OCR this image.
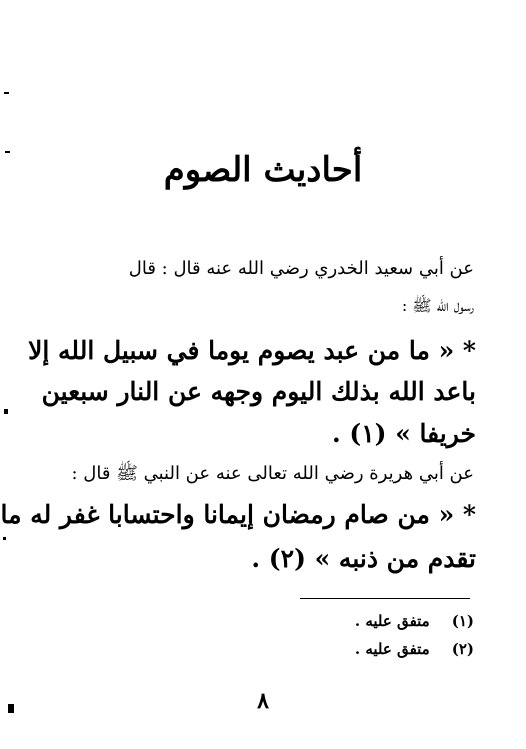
أحاديث الصوم
عن أبي سعيد الخدري رضي الله عنه قال : قال
رسول الله ﷺ :
* « ما من عبد يصوم يوما في سبيل الله إلا
باعد الله بذلك اليوم وجهه عن النار سبعين
خريفا » (١) .
عن أبي هريرة رضي الله تعالى عنه عن النبي ﷺ قال :
* « من صام رمضان إيمانا واحتسابا غفر له ما
تقدم من ذنبه » (٢) .
(١)متفق عليه .
(٢)متفق عليه .
٨
